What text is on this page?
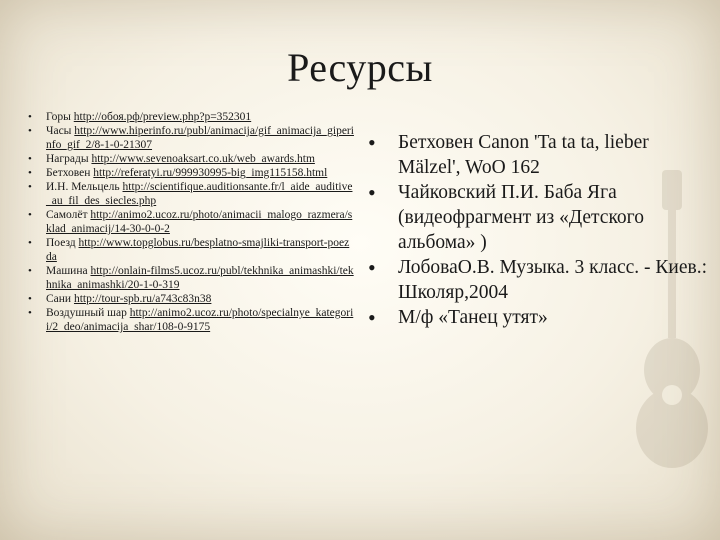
Ресурсы
• Горы http://обоя.рф/preview.php?p=352301
• Часы http://www.hiperinfo.ru/publ/animacija/gif_animacija_giperinfo_gif_2/8-1-0-21307
• Награды http://www.sevenoaksart.co.uk/web_awards.htm
• Бетховен http://referatyi.ru/999930995-big_img115158.html
• И.Н. Мельцель http://scientifique.auditionsante.fr/l_aide_auditive_au_fil_des_siecles.php
• Самолёт http://animo2.ucoz.ru/photo/animacii_malogo_razmera/sklad_animacij/14-30-0-0-2
• Поезд http://www.topglobus.ru/besplatno-smajliki-transport-poezda
• Машина http://onlain-films5.ucoz.ru/publ/tekhnika_animashki/tekhnika_animashki/20-1-0-319
• Сани http://tour-spb.ru/a743c83n38
• Воздушный шар http://animo2.ucoz.ru/photo/specialnye_kategorii/2_deo/animacija_shar/108-0-9175
• Бетховен Canon 'Ta ta ta, lieber Mälzel', WoO 162
• Чайковский П.И. Баба Яга (видеофрагмент из «Детского альбома» )
• ЛобоваО.В. Музыка. 3 класс. - Киев.: Школяр,2004
• М/ф «Танец утят»
